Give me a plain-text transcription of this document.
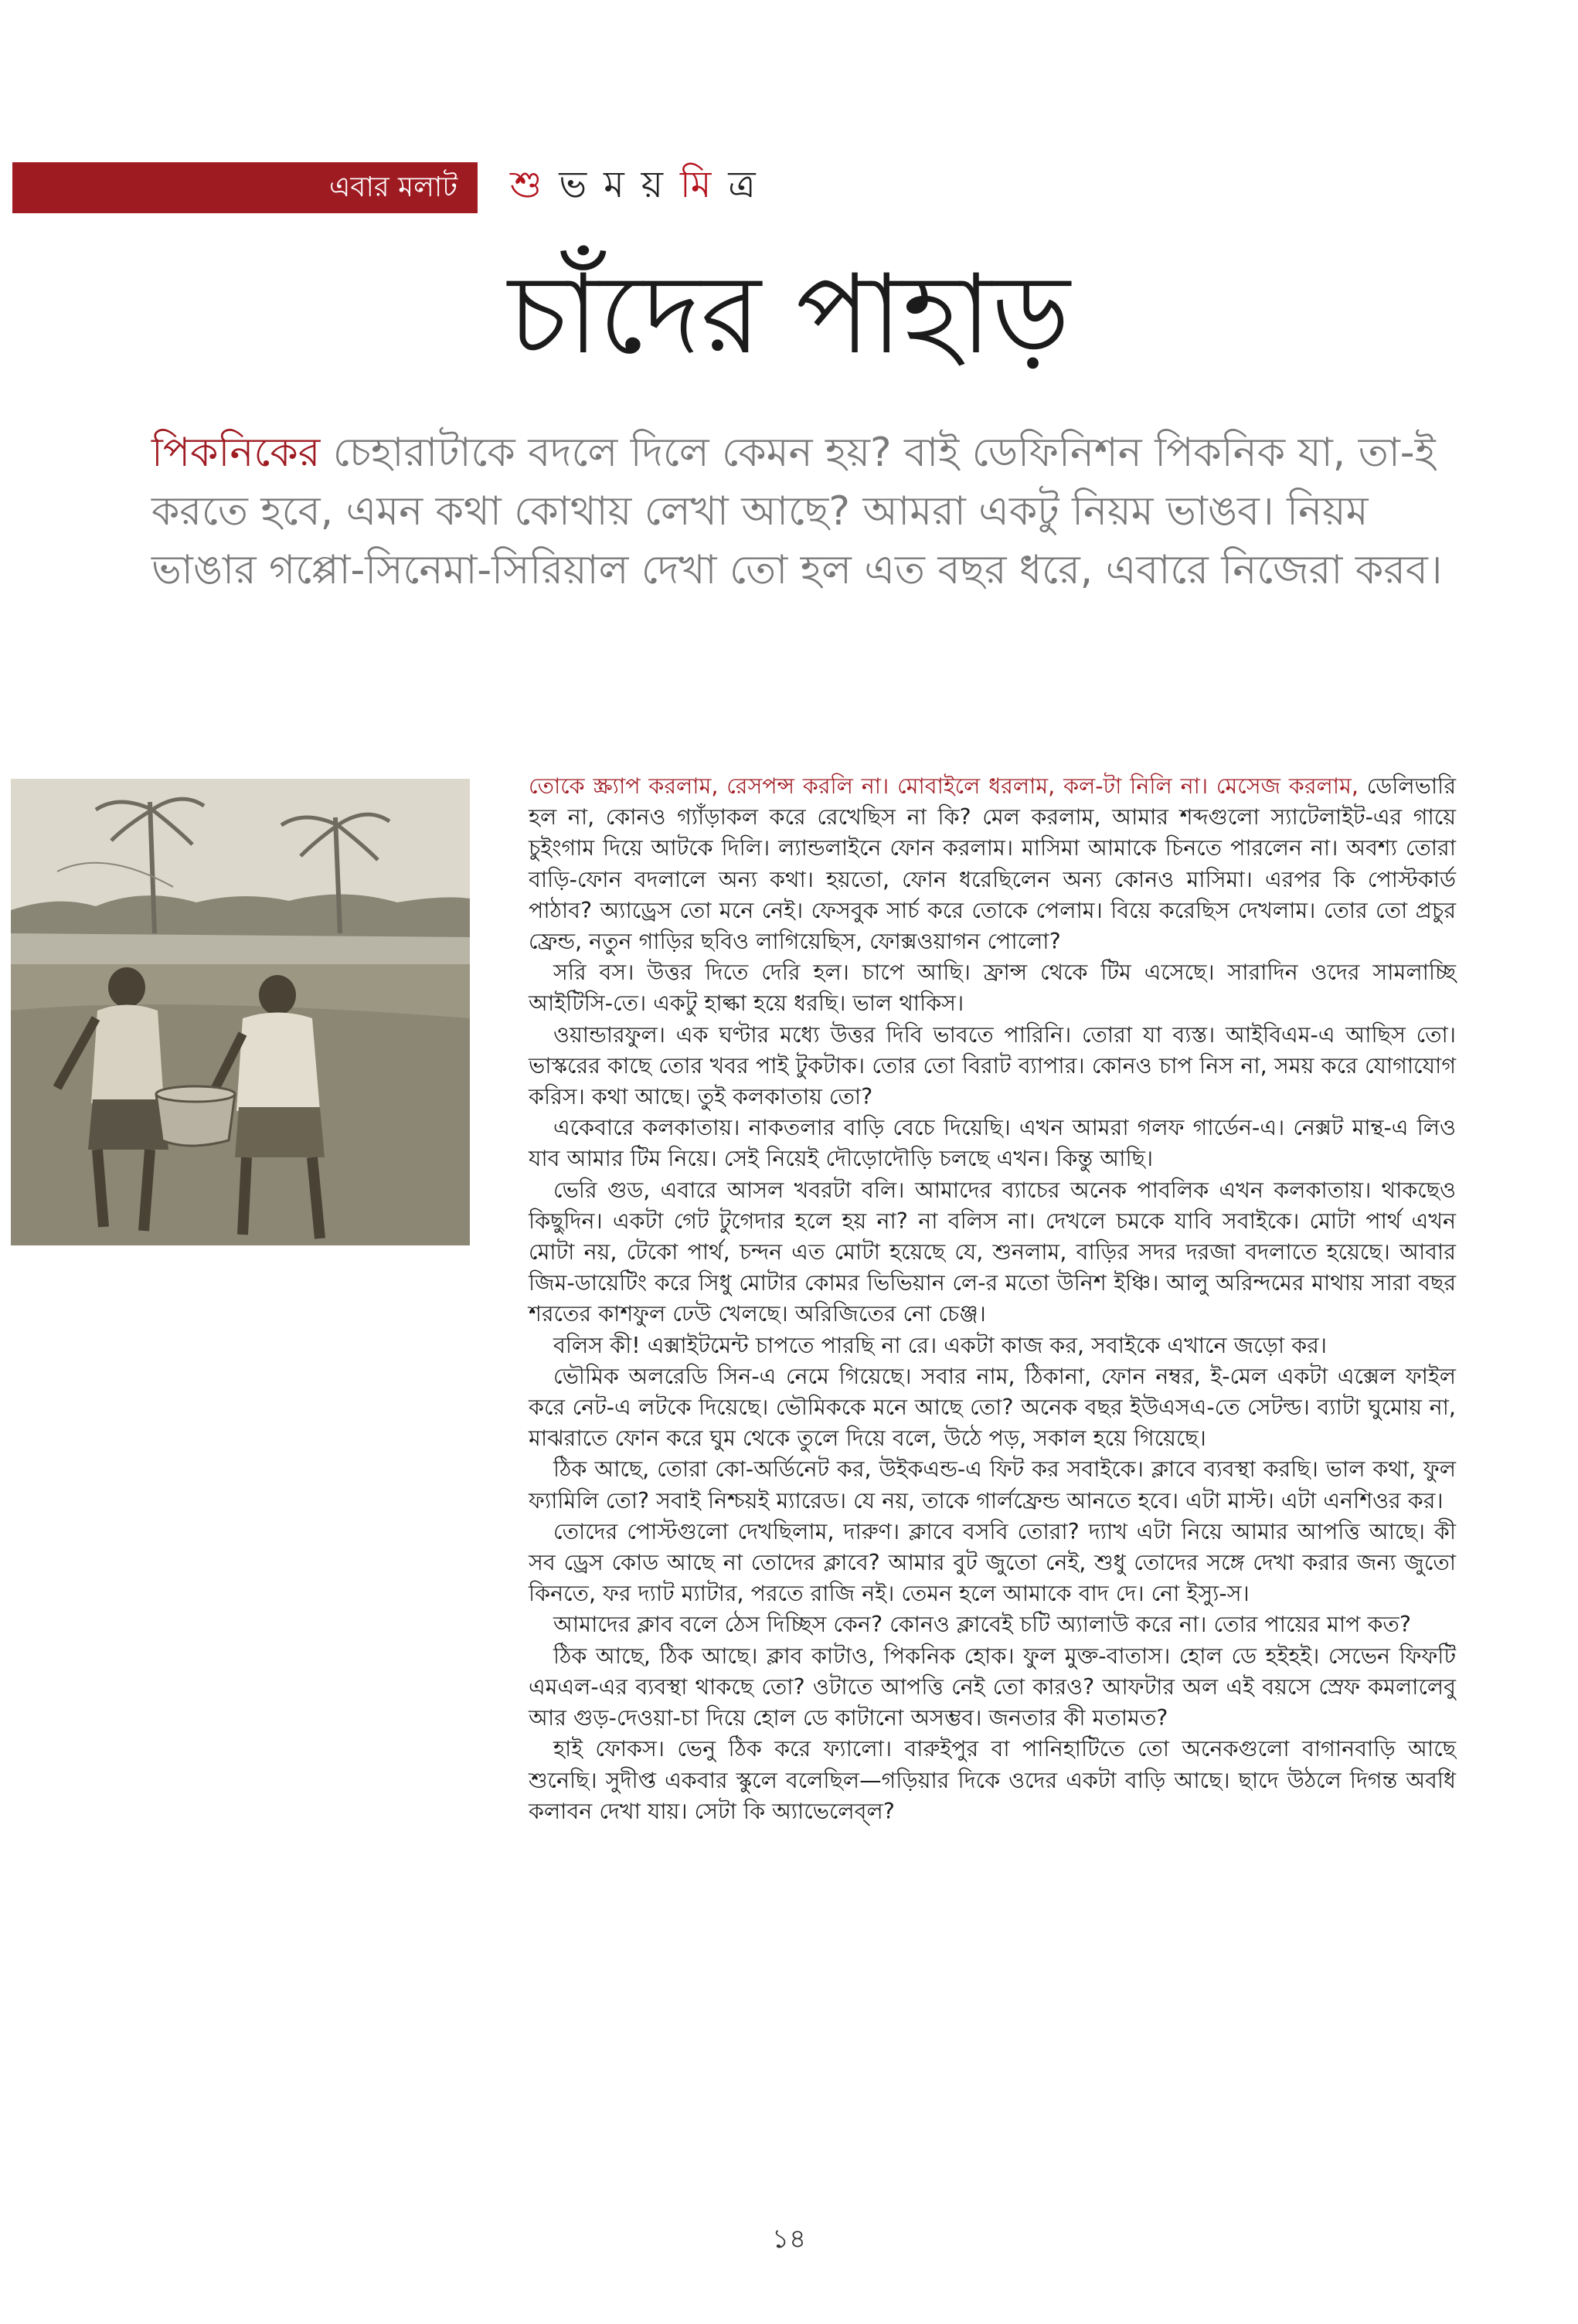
এবার মলাট শু ভময় মি ত্র
চাঁদের পাহাড়
পিকনিকের চেহারাটাকে বদলে দিলে কেমন হয়? বাই ডেফিনিশন পিকনিক যা, তা-ই করতে হবে, এমন কথা কোথায় লেখা আছে? আমরা একটু নিয়ম ভাঙব। নিয়ম ভাঙার গপ্পো-সিনেমা-সিরিয়াল দেখা তো হল এত বছর ধরে, এবারে নিজেরা করব।

তোকে স্ক্র্যাপ করলাম, রেসপন্স করলি না। মোবাইলে ধরলাম, কল-টা নিলি না। মেসেজ করলাম, ডেলিভারি হল না, কোনও গ্যাঁড়াকল করে রেখেছিস না কি? মেল করলাম, আমার শব্দগুলো স্যাটেলাইট-এর গায়ে চুইংগাম দিয়ে আটকে দিলি। ল্যান্ডলাইনে ফোন করলাম। মাসিমা আমাকে চিনতে পারলেন না। অবশ্য তোরা বাড়ি-ফোন বদলালে অন্য কথা। হয়তো, ফোন ধরেছিলেন অন্য কোনও মাসিমা। এরপর কি পোস্টকার্ড পাঠাব? অ্যাড্রেস তো মনে নেই। ফেসবুক সার্চ করে তোকে পেলাম। বিয়ে করেছিস দেখলাম। তোর তো প্রচুর ফ্রেন্ড, নতুন গাড়ির ছবিও লাগিয়েছিস, ফোক্সওয়াগন পোলো?

সরি বস। উত্তর দিতে দেরি হল। চাপে আছি। ফ্রান্স থেকে টিম এসেছে। সারাদিন ওদের সামলাচ্ছি আইটিসি-তে। একটু হাল্কা হয়ে ধরছি। ভাল থাকিস।

ওয়ান্ডারফুল। এক ঘণ্টার মধ্যে উত্তর দিবি ভাবতে পারিনি। তোরা যা ব্যস্ত। আইবিএম-এ আছিস তো। ভাস্করের কাছে তোর খবর পাই টুকটাক। তোর তো বিরাট ব্যাপার। কোনও চাপ নিস না, সময় করে যোগাযোগ করিস। কথা আছে। তুই কলকাতায় তো?

একেবারে কলকাতায়। নাকতলার বাড়ি বেচে দিয়েছি। এখন আমরা গলফ গার্ডেন-এ। নেক্সট মান্থ-এ লিও যাব আমার টিম নিয়ে। সেই নিয়েই দৌড়োদৌড়ি চলছে এখন। কিন্তু আছি।

ভেরি গুড, এবারে আসল খবরটা বলি। আমাদের ব্যাচের অনেক পাবলিক এখন কলকাতায়। থাকছেও কিছুদিন। একটা গেট টুগেদার হলে হয় না? না বলিস না। দেখলে চমকে যাবি সবাইকে। মোটা পার্থ এখন মোটা নয়, টেকো পার্থ, চন্দন এত মোটা হয়েছে যে, শুনলাম, বাড়ির সদর দরজা বদলাতে হয়েছে। আবার জিম-ডায়েটিং করে সিধু মোটার কোমর ভিভিয়ান লে-র মতো উনিশ ইঞ্চি। আলু অরিন্দমের মাথায় সারা বছর শরতের কাশফুল ঢেউ খেলছে। অরিজিতের নো চেঞ্জ।

বলিস কী! এক্সাইটমেন্ট চাপতে পারছি না রে। একটা কাজ কর, সবাইকে এখানে জড়ো কর।

ভৌমিক অলরেডি সিন-এ নেমে গিয়েছে। সবার নাম, ঠিকানা, ফোন নম্বর, ই-মেল একটা এক্সেল ফাইল করে নেট-এ লটকে দিয়েছে। ভৌমিককে মনে আছে তো? অনেক বছর ইউএসএ-তে সেটল্ড। ব্যাটা ঘুমোয় না, মাঝরাতে ফোন করে ঘুম থেকে তুলে দিয়ে বলে, উঠে পড়, সকাল হয়ে গিয়েছে।

ঠিক আছে, তোরা কো-অর্ডিনেট কর, উইকএন্ড-এ ফিট কর সবাইকে। ক্লাবে ব্যবস্থা করছি। ভাল কথা, ফুল ফ্যামিলি তো? সবাই নিশ্চয়ই ম্যারেড। যে নয়, তাকে গার্লফ্রেন্ড আনতে হবে। এটা মাস্ট। এটা এনশিওর কর।

তোদের পোস্টগুলো দেখছিলাম, দারুণ। ক্লাবে বসবি তোরা? দ্যাখ এটা নিয়ে আমার আপত্তি আছে। কী সব ড্রেস কোড আছে না তোদের ক্লাবে? আমার বুট জুতো নেই, শুধু তোদের সঙ্গে দেখা করার জন্য জুতো কিনতে, ফর দ্যাট ম্যাটার, পরতে রাজি নই। তেমন হলে আমাকে বাদ দে। নো ইস্যু-স।

আমাদের ক্লাব বলে ঠেস দিচ্ছিস কেন? কোনও ক্লাবেই চটি অ্যালাউ করে না। তোর পায়ের মাপ কত?

ঠিক আছে, ঠিক আছে। ক্লাব কাটাও, পিকনিক হোক। ফুল মুক্ত-বাতাস। হোল ডে হইহই। সেভেন ফিফটি এমএল-এর ব্যবস্থা থাকছে তো? ওটাতে আপত্তি নেই তো কারও? আফটার অল এই বয়সে স্রেফ কমলালেবু আর গুড়-দেওয়া-চা দিয়ে হোল ডে কাটানো অসম্ভব। জনতার কী মতামত?

হাই ফোকস। ভেনু ঠিক করে ফ্যালো। বারুইপুর বা পানিহাটিতে তো অনেকগুলো বাগানবাড়ি আছে শুনেছি। সুদীপ্ত একবার স্কুলে বলেছিল—গড়িয়ার দিকে ওদের একটা বাড়ি আছে। ছাদে উঠলে দিগন্ত অবধি কলাবন দেখা যায়। সেটা কি অ্যাভেলেব্‌ল?

১৪
